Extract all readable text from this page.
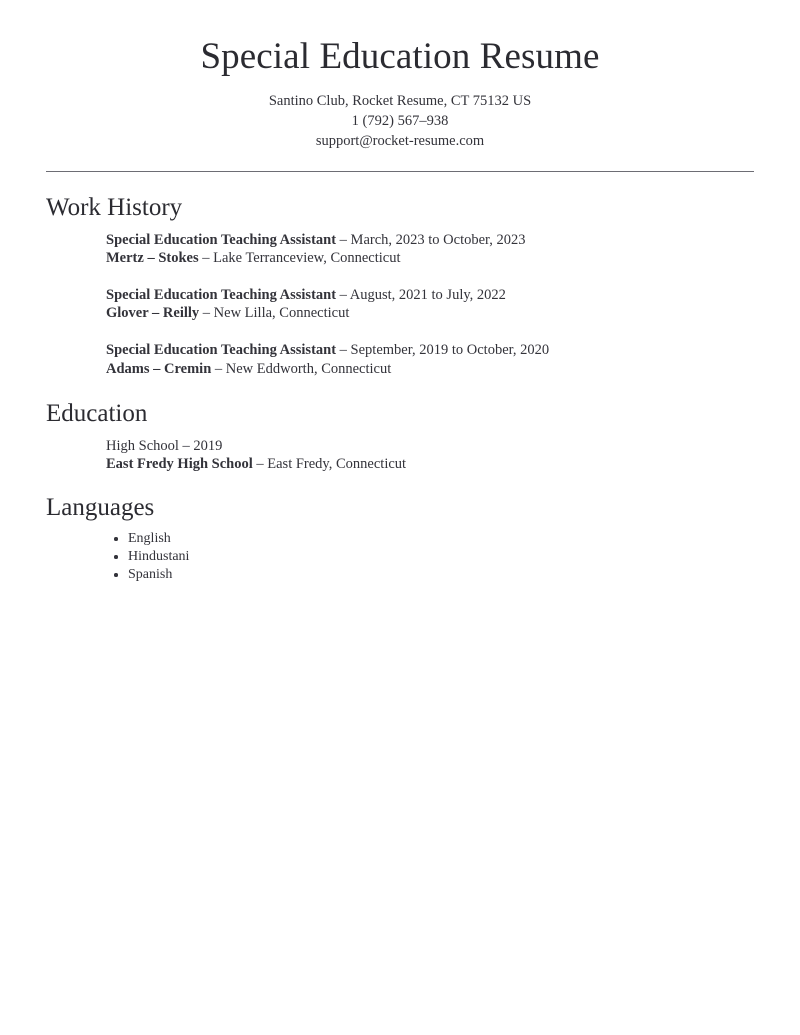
Special Education Resume

Santino Club, Rocket Resume, CT 75132 US

1 (792) 567–938

support@rocket-resume.com

Work History
Special Education Teaching Assistant – March, 2023 to October, 2023
Mertz – Stokes – Lake Terranceview, Connecticut
Special Education Teaching Assistant – August, 2021 to July, 2022
Glover – Reilly – New Lilla, Connecticut
Special Education Teaching Assistant – September, 2019 to October, 2020
Adams – Cremin – New Eddworth, Connecticut
Education
High School – 2019
East Fredy High School – East Fredy, Connecticut
Languages
English
Hindustani
Spanish
